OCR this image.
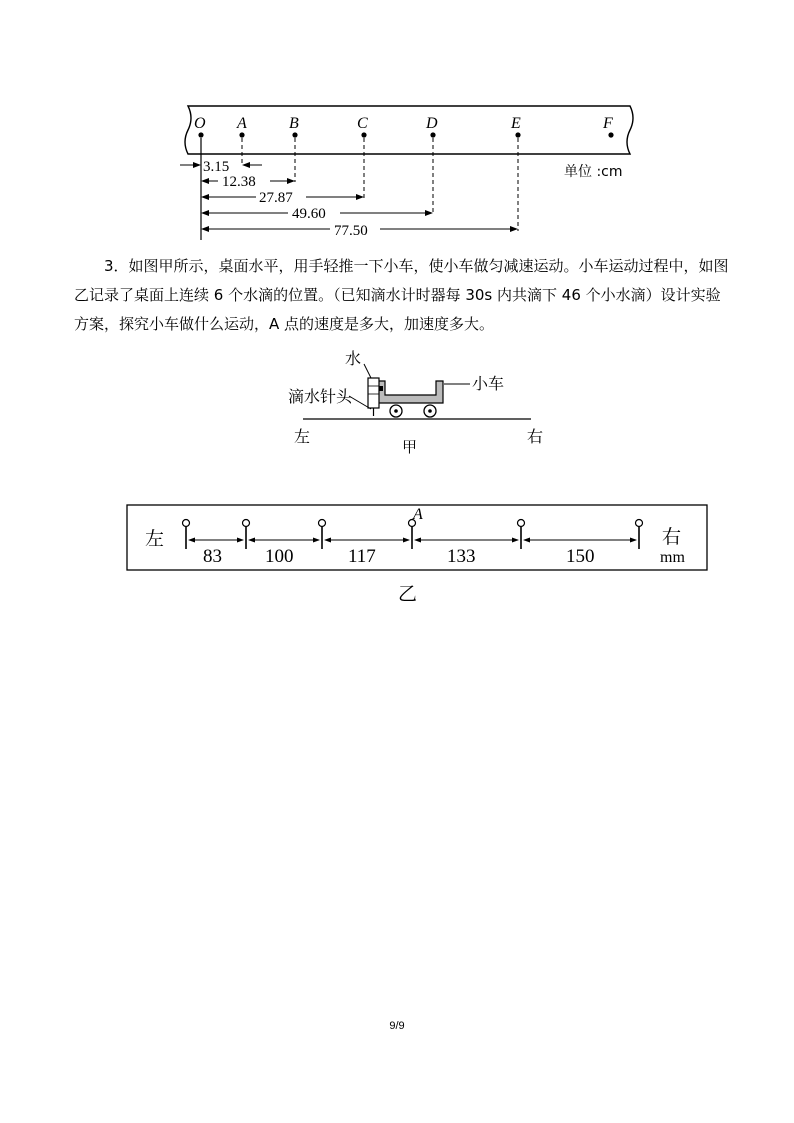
O A	B	C	D	E	F
3.15
12.38
27.87
49.60
77.50
单位 :cm

3．如图甲所示，桌面水平，用手轻推一下小车，使小车做匀减速运动。小车运动过程中，如图乙记录了桌面上连续 6 个水滴的位置。（已知滴水计时器每 30s 内共滴下 46 个小水滴）设计实验方案，探究小车做什么运动，A 点的速度是多大，加速度多大。

水
滴水针头
小车
左	右
甲
左	右
mm
A
83 100	117	133	150
乙
9/9
